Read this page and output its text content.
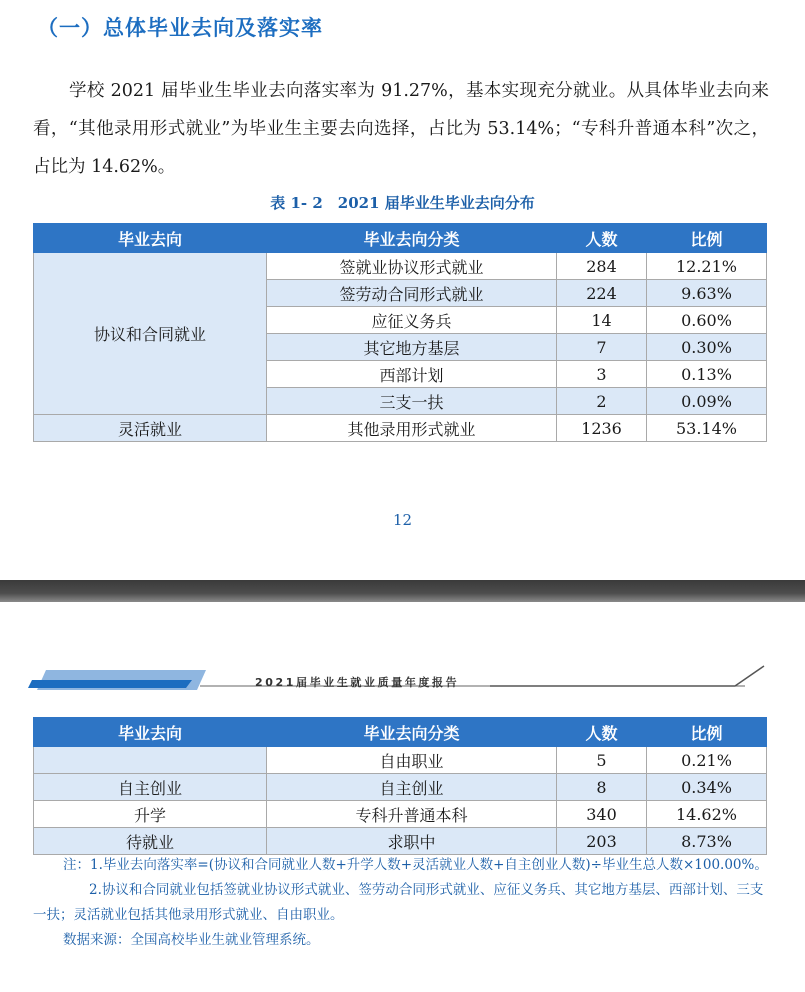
（一）总体毕业去向及落实率

学校 2021 届毕业生毕业去向落实率为 91.27%，基本实现充分就业。从具体毕业去向来看，“其他录用形式就业”为毕业生主要去向选择，占比为 53.14%；“专科升普通本科”次之，占比为 14.62%。

表 1- 2　2021 届毕业生毕业去向分布
毕业去向	毕业去向分类	人数	比例
协议和合同就业	签就业协议形式就业	284	12.21%
	签劳动合同形式就业	224	9.63%
	应征义务兵	14	0.60%
	其它地方基层	7	0.30%
	西部计划	3	0.13%
	三支一扶	2	0.09%
灵活就业	其他录用形式就业	1236	53.14%
12
2021届毕业生就业质量年度报告
毕业去向	毕业去向分类	人数	比例
	自由职业	5	0.21%
自主创业	自主创业	8	0.34%
升学	专科升普通本科	340	14.62%
待就业	求职中	203	8.73%

注：1.毕业去向落实率=(协议和合同就业人数+升学人数+灵活就业人数+自主创业人数)÷毕业生总人数×100.00%。

2.协议和合同就业包括签就业协议形式就业、签劳动合同形式就业、应征义务兵、其它地方基层、西部计划、三支一扶；灵活就业包括其他录用形式就业、自由职业。

数据来源：全国高校毕业生就业管理系统。
